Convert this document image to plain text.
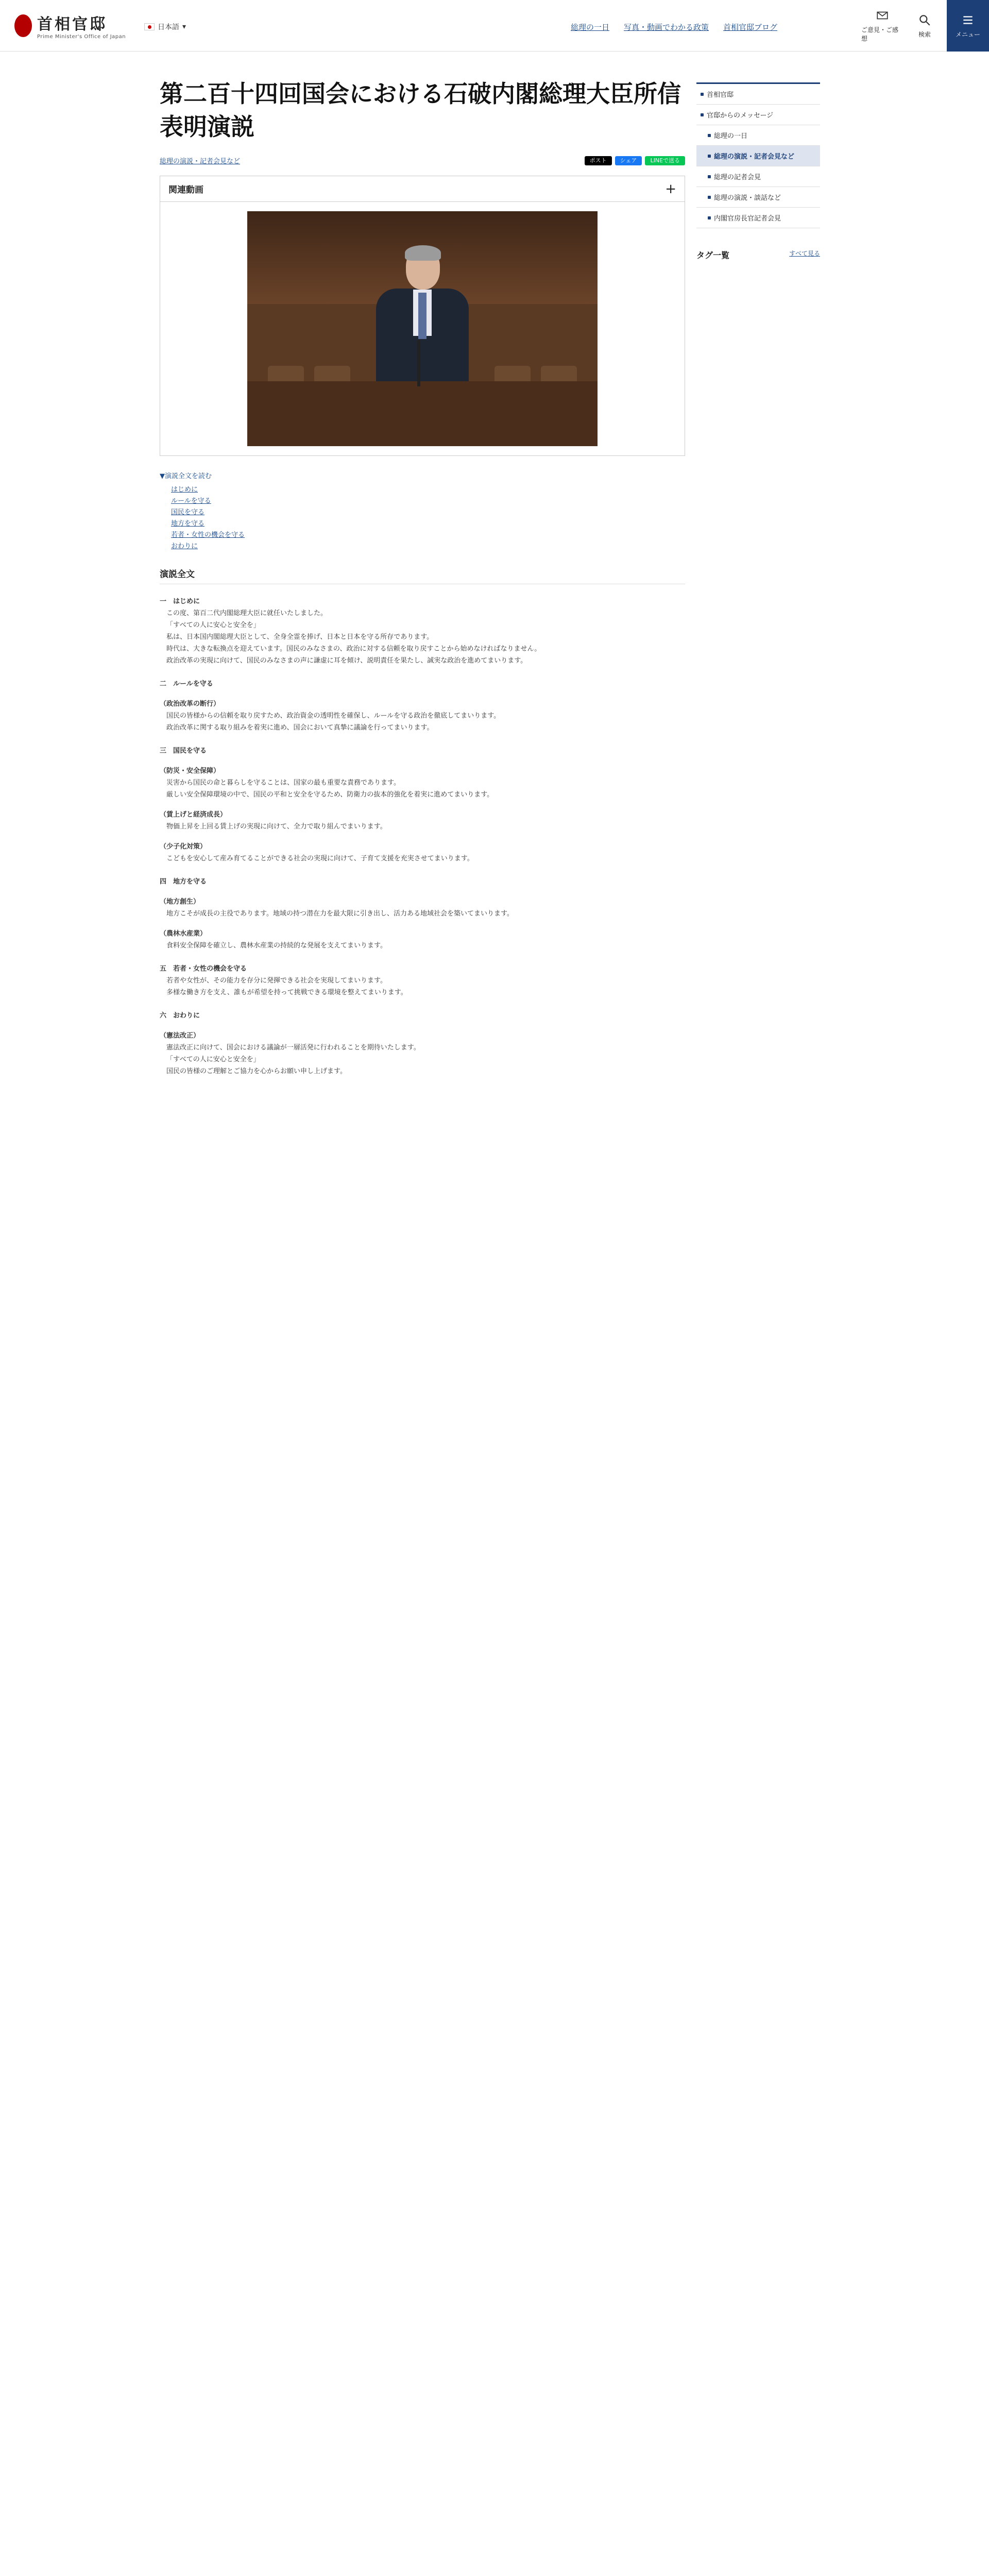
首相官邸
Prime Minister's Office of Japan
日本語 ▾	総理の一日 写真・動画でわかる政策 首相官邸ブログ	ご意見・ご感想
検索	メニュー
第二百十四回国会における石破内閣総理大臣所信表明演説
総理の演説・記者会見など	ポスト	シェア	LINEで送る
関連動画	+
▼演説全文を読む
はじめに
ルールを守る
国民を守る
地方を守る
若者・女性の機会を守る
おわりに
演説全文
一　はじめに

この度、第百二代内閣総理大臣に就任いたしました。

「すべての人に安心と安全を」

私は、日本国内閣総理大臣として、全身全霊を捧げ、日本と日本を守る所存であります。

時代は、大きな転換点を迎えています。国民のみなさまの、政治に対する信頼を取り戻すことから始めなければなりません。

政治改革の実現に向けて、国民のみなさまの声に謙虚に耳を傾け、説明責任を果たし、誠実な政治を進めてまいります。

二　ルールを守る
（政治改革の断行）

国民の皆様からの信頼を取り戻すため、政治資金の透明性を確保し、ルールを守る政治を徹底してまいります。

政治改革に関する取り組みを着実に進め、国会において真摯に議論を行ってまいります。

三　国民を守る
（防災・安全保障）

災害から国民の命と暮らしを守ることは、国家の最も重要な責務であります。

厳しい安全保障環境の中で、国民の平和と安全を守るため、防衛力の抜本的強化を着実に進めてまいります。

（賃上げと経済成長）

物価上昇を上回る賃上げの実現に向けて、全力で取り組んでまいります。

（少子化対策）

こどもを安心して産み育てることができる社会の実現に向けて、子育て支援を充実させてまいります。

四　地方を守る
（地方創生）

地方こそが成長の主役であります。地域の持つ潜在力を最大限に引き出し、活力ある地域社会を築いてまいります。

（農林水産業）

食料安全保障を確立し、農林水産業の持続的な発展を支えてまいります。

五　若者・女性の機会を守る

若者や女性が、その能力を存分に発揮できる社会を実現してまいります。

多様な働き方を支え、誰もが希望を持って挑戦できる環境を整えてまいります。

六　おわりに
（憲法改正）

憲法改正に向けて、国会における議論が一層活発に行われることを期待いたします。

「すべての人に安心と安全を」

国民の皆様のご理解とご協力を心からお願い申し上げます。

首相官邸
官邸からのメッセージ
総理の一日
総理の演説・記者会見など
総理の記者会見
総理の演説・談話など
内閣官房長官記者会見
タグ一覧	すべて見る
